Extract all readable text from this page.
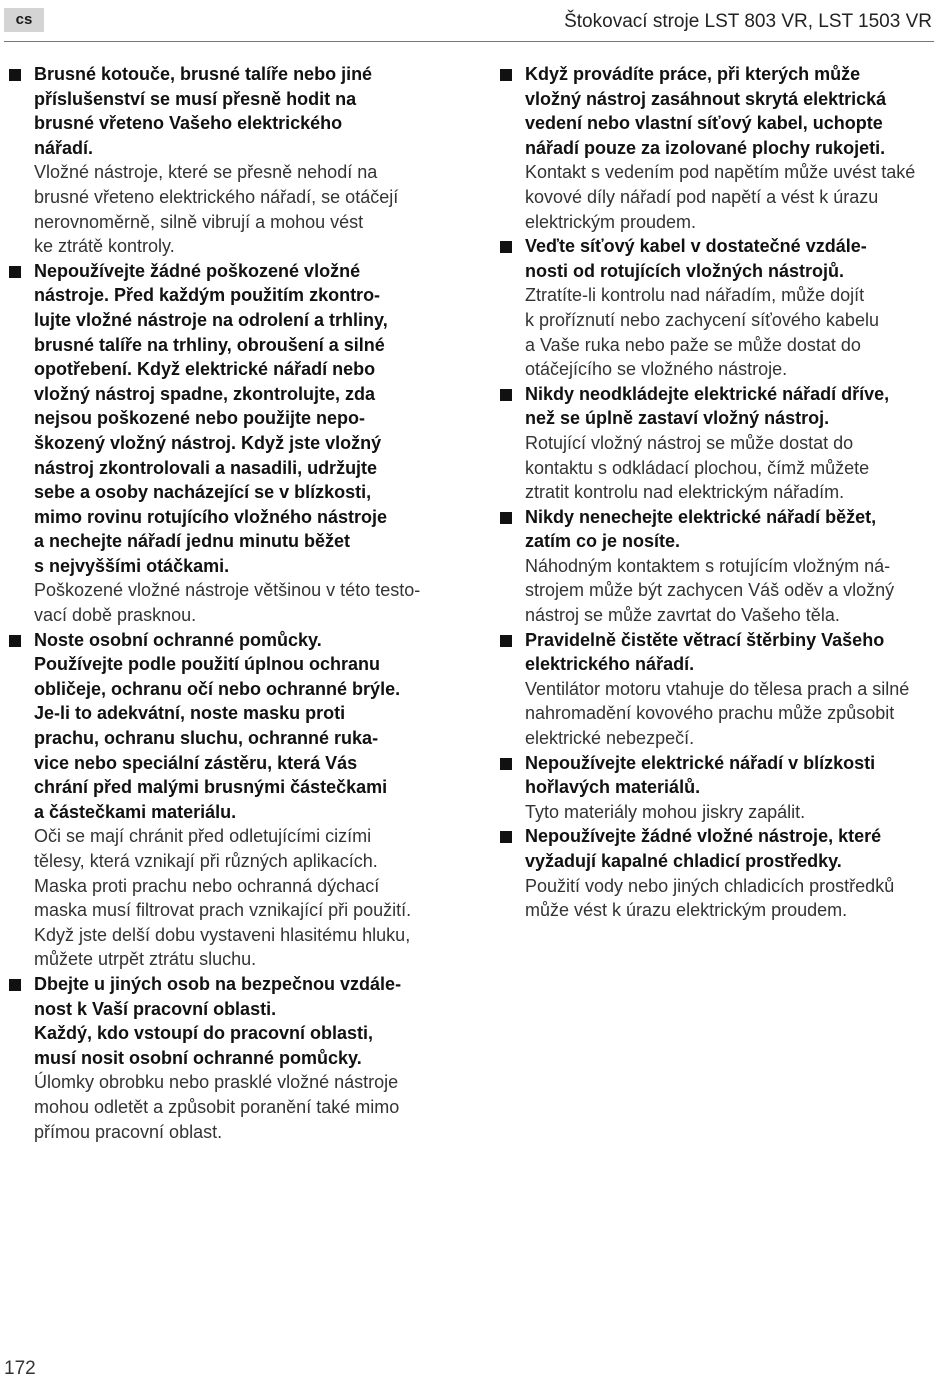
cs	Štokovací stroje LST 803 VR, LST 1503 VR
Brusné kotouče, brusné talíře nebo jiné
příslušenství se musí přesně hodit na
brusné vřeteno Vašeho elektrického
nářadí.
Vložné nástroje, které se přesně nehodí na
brusné vřeteno elektrického nářadí, se otáčejí
nerovnoměrně, silně vibrují a mohou vést
ke ztrátě kontroly.
Nepoužívejte žádné poškozené vložné
nástroje. Před každým použitím zkontro-
lujte vložné nástroje na odrolení a trhliny,
brusné talíře na trhliny, obroušení a silné
opotřebení. Když elektrické nářadí nebo
vložný nástroj spadne, zkontrolujte, zda
nejsou poškozené nebo použijte nepo-
škozený vložný nástroj. Když jste vložný
nástroj zkontrolovali a nasadili, udržujte
sebe a osoby nacházející se v blízkosti,
mimo rovinu rotujícího vložného nástroje
a nechejte nářadí jednu minutu běžet
s nejvyššími otáčkami.
Poškozené vložné nástroje většinou v této testo-
vací době prasknou.
Noste osobní ochranné pomůcky.
Používejte podle použití úplnou ochranu
obličeje, ochranu očí nebo ochranné brýle.
Je-li to adekvátní, noste masku proti
prachu, ochranu sluchu, ochranné ruka-
vice nebo speciální zástěru, která Vás
chrání před malými brusnými částečkami
a částečkami materiálu.
Oči se mají chránit před odletujícími cizími
tělesy, která vznikají při různých aplikacích.
Maska proti prachu nebo ochranná dýchací
maska musí filtrovat prach vznikající při použití.
Když jste delší dobu vystaveni hlasitému hluku,
můžete utrpět ztrátu sluchu.
Dbejte u jiných osob na bezpečnou vzdále-
nost k Vaší pracovní oblasti.
Každý, kdo vstoupí do pracovní oblasti,
musí nosit osobní ochranné pomůcky.
Úlomky obrobku nebo prasklé vložné nástroje
mohou odletět a způsobit poranění také mimo
přímou pracovní oblast.
Když provádíte práce, při kterých může
vložný nástroj zasáhnout skrytá elektrická
vedení nebo vlastní síťový kabel, uchopte
nářadí pouze za izolované plochy rukojeti.
Kontakt s vedením pod napětím může uvést také
kovové díly nářadí pod napětí a vést k úrazu
elektrickým proudem.
Veďte síťový kabel v dostatečné vzdále-
nosti od rotujících vložných nástrojů.
Ztratíte-li kontrolu nad nářadím, může dojít
k proříznutí nebo zachycení síťového kabelu
a Vaše ruka nebo paže se může dostat do
otáčejícího se vložného nástroje.
Nikdy neodkládejte elektrické nářadí dříve,
než se úplně zastaví vložný nástroj.
Rotující vložný nástroj se může dostat do
kontaktu s odkládací plochou, čímž můžete
ztratit kontrolu nad elektrickým nářadím.
Nikdy nenechejte elektrické nářadí běžet,
zatím co je nosíte.
Náhodným kontaktem s rotujícím vložným ná-
strojem může být zachycen Váš oděv a vložný
nástroj se může zavrtat do Vašeho těla.
Pravidelně čistěte větrací štěrbiny Vašeho
elektrického nářadí.
Ventilátor motoru vtahuje do tělesa prach a silné
nahromadění kovového prachu může způsobit
elektrické nebezpečí.
Nepoužívejte elektrické nářadí v blízkosti
hořlavých materiálů.
Tyto materiály mohou jiskry zapálit.
Nepoužívejte žádné vložné nástroje, které
vyžadují kapalné chladicí prostředky.
Použití vody nebo jiných chladicích prostředků
může vést k úrazu elektrickým proudem.
172
